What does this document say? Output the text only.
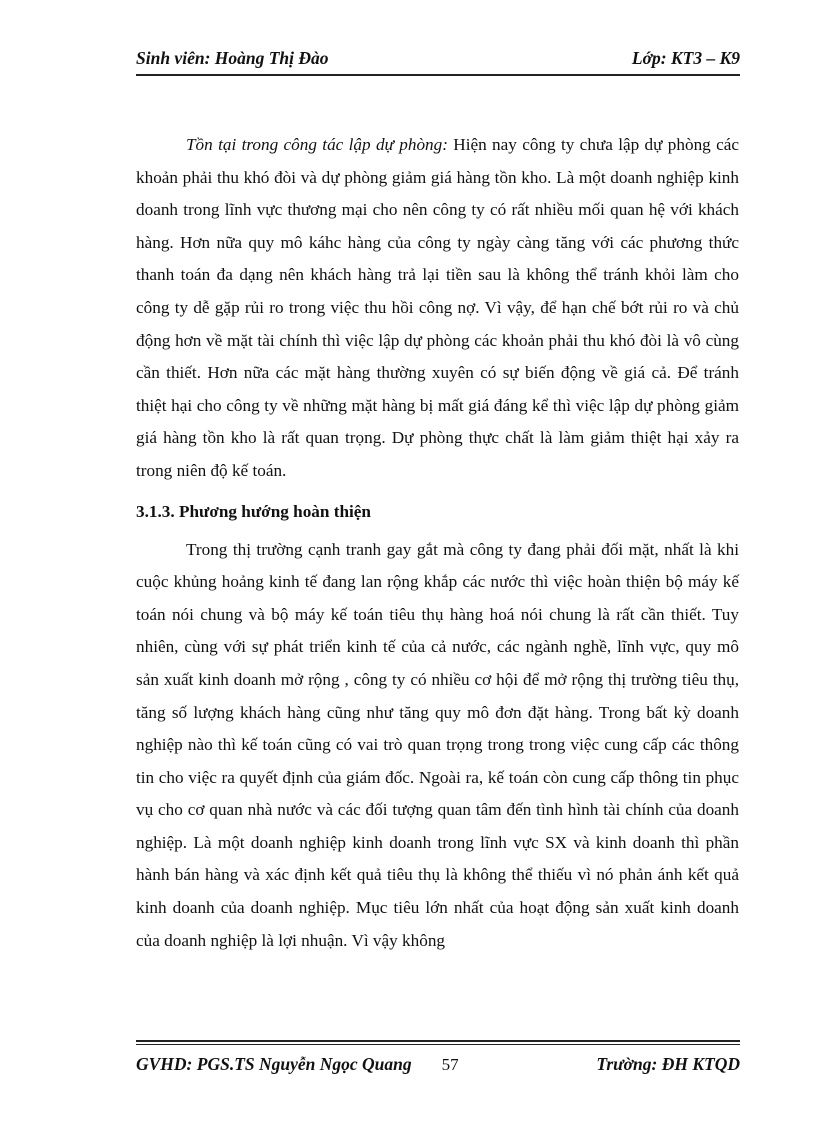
Sinh viên: Hoàng Thị Đào	Lớp: KT3 – K9

Tồn tại trong công tác lập dự phòng: Hiện nay công ty chưa lập dự phòng các khoản phải thu khó đòi và dự phòng giảm giá hàng tồn kho. Là một doanh nghiệp kinh doanh trong lĩnh vực thương mại cho nên công ty có rất nhiều mối quan hệ với khách hàng. Hơn nữa quy mô káhc hàng của công ty ngày càng tăng với các phương thức thanh toán đa dạng nên khách hàng trả lại tiền sau là không thể tránh khỏi làm cho công ty dễ gặp rủi ro trong việc thu hồi công nợ. Vì vậy, để hạn chế bớt rủi ro và chủ động hơn về mặt tài chính thì việc lập dự phòng các khoản phải thu khó đòi là vô cùng cần thiết. Hơn nữa các mặt hàng thường xuyên có sự biến động về giá cả. Để tránh thiệt hại cho công ty về những mặt hàng bị mất giá đáng kể thì việc lập dự phòng giảm giá hàng tồn kho là rất quan trọng. Dự phòng thực chất là làm giảm thiệt hại xảy ra trong niên độ kế toán.

3.1.3. Phương hướng hoàn thiện

Trong thị trường cạnh tranh gay gắt mà công ty đang phải đối mặt, nhất là khi cuộc khủng hoảng kinh tế đang lan rộng khắp các nước thì việc hoàn thiện bộ máy kế toán nói chung và bộ máy kế toán tiêu thụ hàng hoá nói chung là rất cần thiết. Tuy nhiên, cùng với sự phát triển kinh tế của cả nước, các ngành nghề, lĩnh vực, quy mô sản xuất kinh doanh mở rộng , công ty có nhiều cơ hội để mở rộng thị trường tiêu thụ, tăng số lượng khách hàng cũng như tăng quy mô đơn đặt hàng. Trong bất kỳ doanh nghiệp nào thì kế toán cũng có vai trò quan trọng trong trong việc cung cấp các thông tin cho việc ra quyết định của giám đốc. Ngoài ra, kế toán còn cung cấp thông tin phục vụ cho cơ quan nhà nước và các đối tượng quan tâm đến tình hình tài chính của doanh nghiệp. Là một doanh nghiệp kinh doanh trong lĩnh vực SX và kinh doanh thì phần hành bán hàng và xác định kết quả tiêu thụ là không thể thiếu vì nó phản ánh kết quả kinh doanh của doanh nghiệp. Mục tiêu lớn nhất của hoạt động sản xuất kinh doanh của doanh nghiệp là lợi nhuận. Vì vậy không

GVHD: PGS.TS Nguyễn Ngọc Quang 57	Trường: ĐH KTQD
